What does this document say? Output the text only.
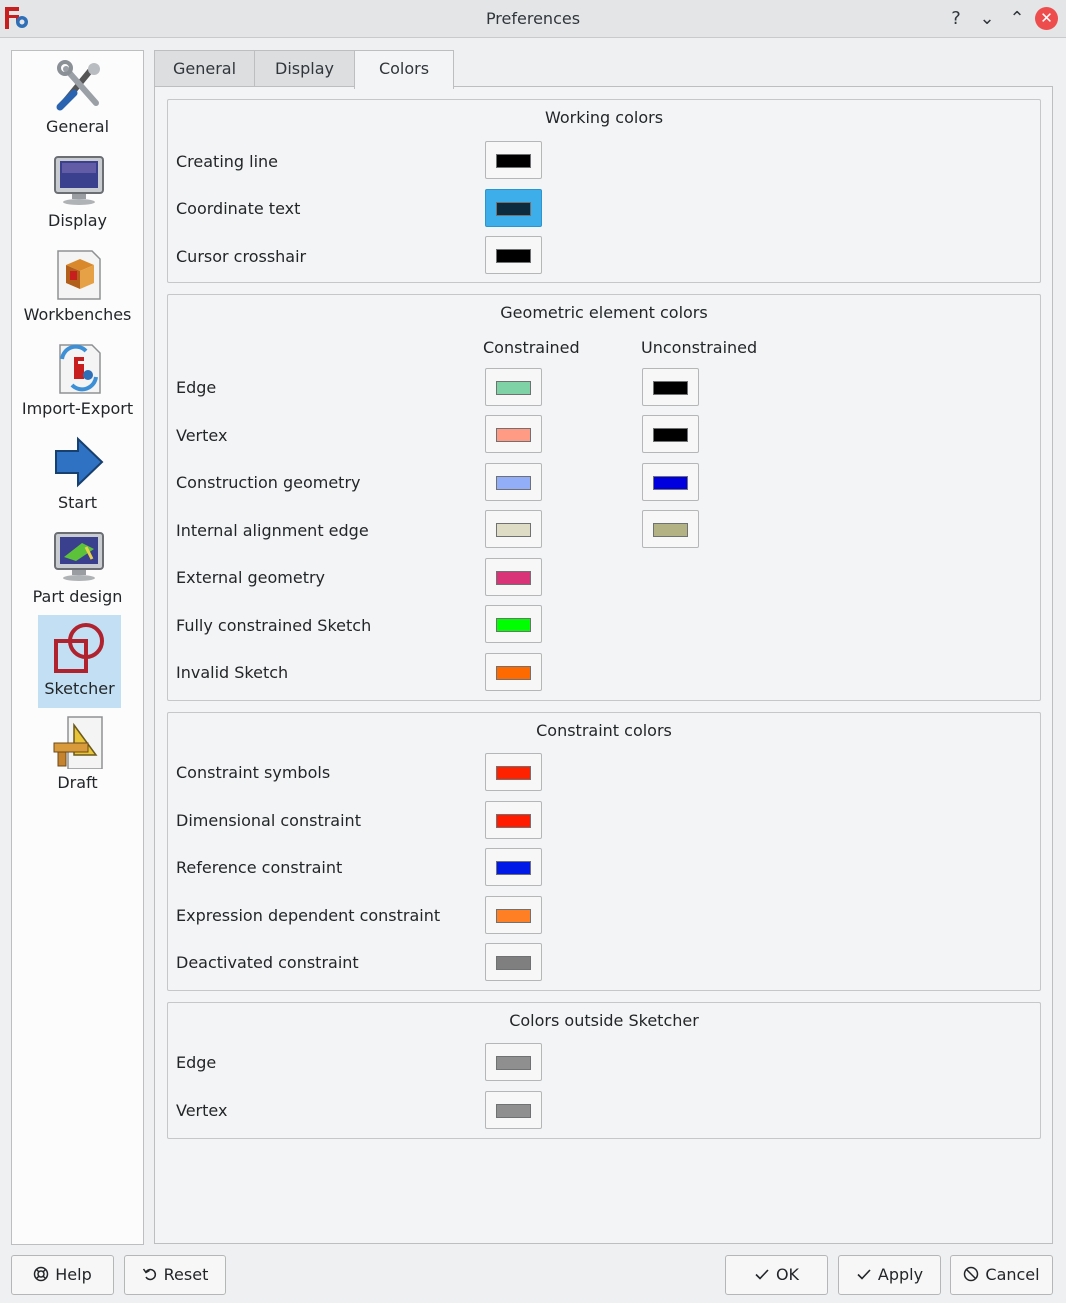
Preferences	?	⌄ ⌃	✕
General
Display
Workbenches
Import-Export
Start
Part design
Sketcher
Draft
General	Display	Colors
Working colors
Creating line
Coordinate text
Cursor crosshair
Geometric element colors
Constrained	Unconstrained
Edge
Vertex
Construction geometry
Internal alignment edge
External geometry
Fully constrained Sketch
Invalid Sketch
Constraint colors
Constraint symbols
Dimensional constraint
Reference constraint
Expression dependent constraint
Deactivated constraint
Colors outside Sketcher
Edge
Vertex
Help	Reset	OK	Apply	Cancel
